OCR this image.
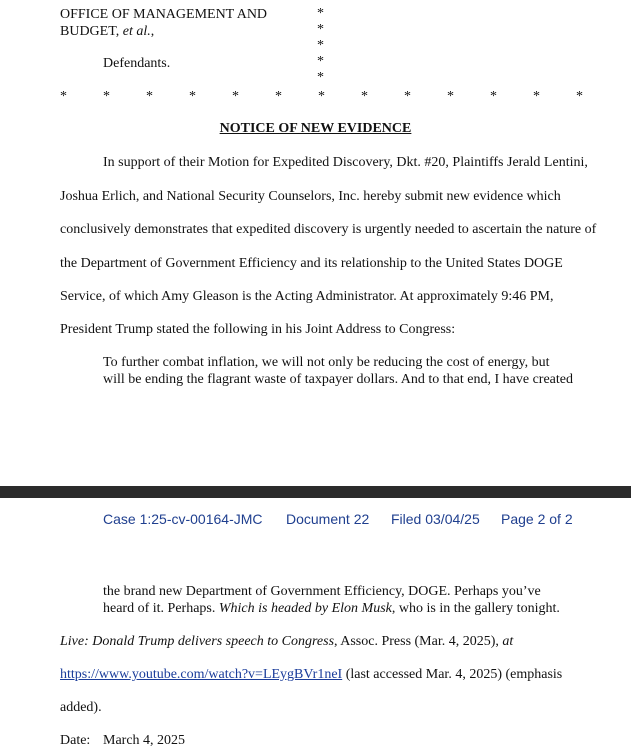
OFFICE OF MANAGEMENT AND
BUDGET, et al.,
Defendants.
*
*
*
*
*
*	*	*	*	*	*	*	*	*	*	*	*	*
NOTICE OF NEW EVIDENCE
In support of their Motion for Expedited Discovery, Dkt. #20, Plaintiffs Jerald Lentini,
Joshua Erlich, and National Security Counselors, Inc. hereby submit new evidence which
conclusively demonstrates that expedited discovery is urgently needed to ascertain the nature of
the Department of Government Efficiency and its relationship to the United States DOGE
Service, of which Amy Gleason is the Acting Administrator. At approximately 9:46 PM,
President Trump stated the following in his Joint Address to Congress:
To further combat inflation, we will not only be reducing the cost of energy, but
will be ending the flagrant waste of taxpayer dollars. And to that end, I have created
Case 1:25-cv-00164-JMC Document 22 Filed 03/04/25 Page 2 of 2
the brand new Department of Government Efficiency, DOGE. Perhaps you’ve
heard of it. Perhaps. Which is headed by Elon Musk, who is in the gallery tonight.
Live: Donald Trump delivers speech to Congress, Assoc. Press (Mar. 4, 2025), at
https://www.youtube.com/watch?v=LEygBVr1neI (last accessed Mar. 4, 2025) (emphasis
added).
Date: March 4, 2025
